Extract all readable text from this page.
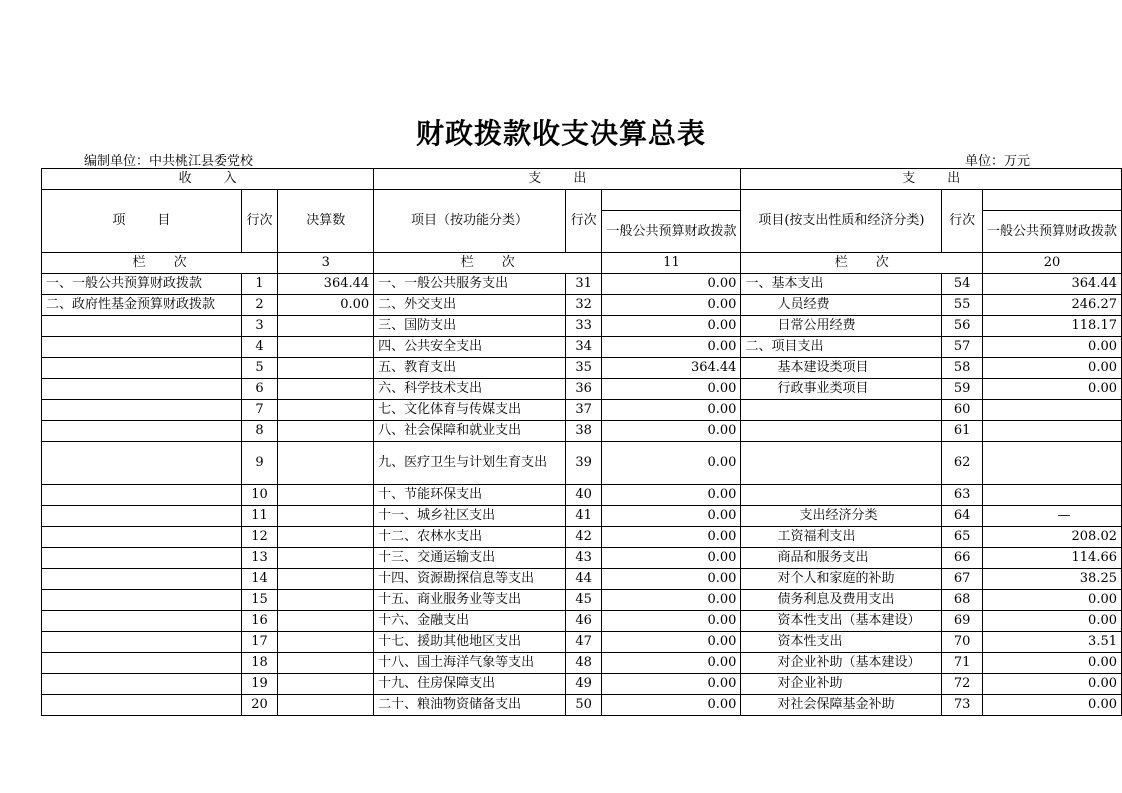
财政拨款收支决算总表
编制单位：中共桃江县委党校	单位：万元
收 入			支 出			支 出		
项 目	行次	决算数	项目（按功能分类）	行次		项目(按支出性质和经济分类)	行次	
					一般公共预算财政拨款			一般公共预算财政拨款
栏 次		3	栏 次		11	栏 次		20
一、一般公共预算财政拨款	1	364.44	一、一般公共服务支出	31	0.00	一、基本支出	54	364.44
二、政府性基金预算财政拨款	2	0.00	二、外交支出	32	0.00	人员经费	55	246.27
	3		三、国防支出	33	0.00	日常公用经费	56	118.17
	4		四、公共安全支出	34	0.00	二、项目支出	57	0.00
	5		五、教育支出	35	364.44	基本建设类项目	58	0.00
	6		六、科学技术支出	36	0.00	行政事业类项目	59	0.00
	7		七、文化体育与传媒支出	37	0.00		60	
	8		八、社会保障和就业支出	38	0.00		61	
	9		九、医疗卫生与计划生育支出	39	0.00		62	
	10		十、节能环保支出	40	0.00		63	
	11		十一、城乡社区支出	41	0.00	支出经济分类	64	—
	12		十二、农林水支出	42	0.00	工资福利支出	65	208.02
	13		十三、交通运输支出	43	0.00	商品和服务支出	66	114.66
	14		十四、资源勘探信息等支出	44	0.00	对个人和家庭的补助	67	38.25
	15		十五、商业服务业等支出	45	0.00	债务利息及费用支出	68	0.00
	16		十六、金融支出	46	0.00	资本性支出（基本建设）	69	0.00
	17		十七、援助其他地区支出	47	0.00	资本性支出	70	3.51
	18		十八、国土海洋气象等支出	48	0.00	对企业补助（基本建设）	71	0.00
	19		十九、住房保障支出	49	0.00	对企业补助	72	0.00
	20		二十、粮油物资储备支出	50	0.00	对社会保障基金补助	73	0.00
